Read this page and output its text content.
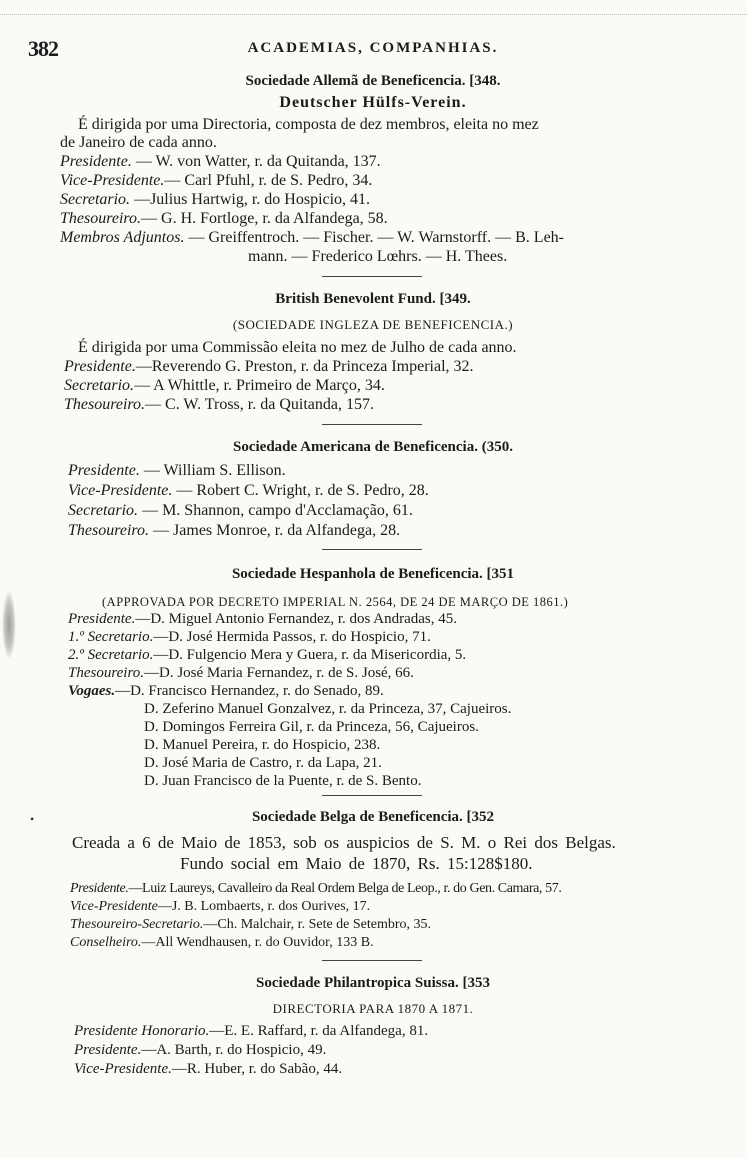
•
382	ACADEMIAS, COMPANHIAS.
Sociedade Allemã de Beneficencia. [348.
Deutscher Hülfs-Verein.
É dirigida por uma Directoria, composta de dez membros, eleita no mez
de Janeiro de cada anno.
Presidente. — W. von Watter, r. da Quitanda, 137.
Vice-Presidente.— Carl Pfuhl, r. de S. Pedro, 34.
Secretario. —Julius Hartwig, r. do Hospicio, 41.
Thesoureiro.— G. H. Fortloge, r. da Alfandega, 58.
Membros Adjuntos. — Greiffentroch. — Fischer. — W. Warnstorff. — B. Leh-
mann. — Frederico Lœhrs. — H. Thees.
British Benevolent Fund. [349.
(SOCIEDADE INGLEZA DE BENEFICENCIA.)
É dirigida por uma Commissão eleita no mez de Julho de cada anno.
Presidente.—Reverendo G. Preston, r. da Princeza Imperial, 32.
Secretario.— A Whittle, r. Primeiro de Março, 34.
Thesoureiro.— C. W. Tross, r. da Quitanda, 157.
Sociedade Americana de Beneficencia. (350.
Presidente. — William S. Ellison.
Vice-Presidente. — Robert C. Wright, r. de S. Pedro, 28.
Secretario. — M. Shannon, campo d'Acclamação, 61.
Thesoureiro. — James Monroe, r. da Alfandega, 28.
Sociedade Hespanhola de Beneficencia. [351
(APPROVADA POR DECRETO IMPERIAL N. 2564, DE 24 DE MARÇO DE 1861.)
Presidente.—D. Miguel Antonio Fernandez, r. dos Andradas, 45.
1.º Secretario.—D. José Hermida Passos, r. do Hospicio, 71.
2.º Secretario.—D. Fulgencio Mera y Guera, r. da Misericordia, 5.
Thesoureiro.—D. José Maria Fernandez, r. de S. José, 66.
Vogaes.—D. Francisco Hernandez, r. do Senado, 89.
D. Zeferino Manuel Gonzalvez, r. da Princeza, 37, Cajueiros.
D. Domingos Ferreira Gil, r. da Princeza, 56, Cajueiros.
D. Manuel Pereira, r. do Hospicio, 238.
D. José Maria de Castro, r. da Lapa, 21.
D. Juan Francisco de la Puente, r. de S. Bento.
Sociedade Belga de Beneficencia. [352
Creada a 6 de Maio de 1853, sob os auspicios de S. M. o Rei dos Belgas.
Fundo social em Maio de 1870, Rs. 15:128$180.
Presidente.—Luiz Laureys, Cavalleiro da Real Ordem Belga de Leop., r. do Gen. Camara, 57.
Vice-Presidente—J. B. Lombaerts, r. dos Ourives, 17.
Thesoureiro-Secretario.—Ch. Malchair, r. Sete de Setembro, 35.
Conselheiro.—All Wendhausen, r. do Ouvidor, 133 B.
Sociedade Philantropica Suissa. [353
DIRECTORIA PARA 1870 A 1871.
Presidente Honorario.—E. E. Raffard, r. da Alfandega, 81.
Presidente.—A. Barth, r. do Hospicio, 49.
Vice-Presidente.—R. Huber, r. do Sabão, 44.
